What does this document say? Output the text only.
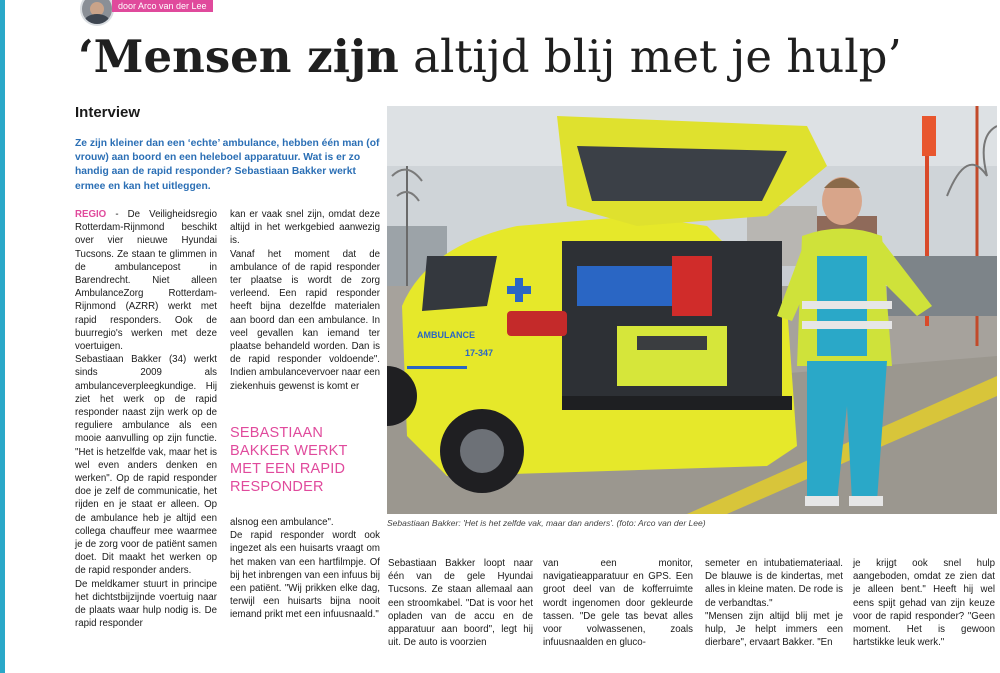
door Arco van der Lee
‘Mensen zijn altijd blij met je hulp’
Interview
Ze zijn kleiner dan een ‘echte’ ambulance, hebben één man (of vrouw) aan boord en een heleboel apparatuur. Wat is er zo handig aan de rapid responder? Sebastiaan Bakker werkt ermee en kan het uitleggen.

REGIO - De Veiligheidsregio Rotterdam-Rijnmond beschikt over vier nieuwe Hyundai Tucsons. Ze staan te glimmen in de ambulancepost in Barendrecht. Niet alleen AmbulanceZorg Rotterdam-Rijnmond (AZRR) werkt met rapid responders. Ook de buurregio's werken met deze voertuigen.

Sebastiaan Bakker (34) werkt sinds 2009 als ambulanceverpleegkundige. Hij ziet het werk op de rapid responder naast zijn werk op de reguliere ambulance als een mooie aanvulling op zijn functie. "Het is hetzelfde vak, maar het is wel even anders denken en werken". Op de rapid responder doe je zelf de communicatie, het rijden en je staat er alleen. Op de ambulance heb je altijd een collega chauffeur mee waarmee je de zorg voor de patiënt samen doet. Dit maakt het werken op de rapid responder anders.

De meldkamer stuurt in principe het dichtstbijzijnde voertuig naar de plaats waar hulp nodig is. De rapid responder

kan er vaak snel zijn, omdat deze altijd in het werkgebied aanwezig is.

Vanaf het moment dat de ambulance of de rapid responder ter plaatse is wordt de zorg verleend. Een rapid responder heeft bijna dezelfde materialen aan boord dan een ambulance. In veel gevallen kan iemand ter plaatse behandeld worden. Dan is de rapid responder voldoende". Indien ambulancevervoer naar een ziekenhuis gewenst is komt er

SEBASTIAAN BAKKER WERKT MET EEN RAPID RESPONDER

alsnog een ambulance".

De rapid responder wordt ook ingezet als een huisarts vraagt om het maken van een hartfilmpje. Of bij het inbrengen van een infuus bij een patiënt. "Wij prikken elke dag, terwijl een huisarts bijna nooit iemand prikt met een infuusnaald."

AMBULANCE
17-347
Sebastiaan Bakker: 'Het is het zelfde vak, maar dan anders'. (foto: Arco van der Lee)

Sebastiaan Bakker loopt naar één van de gele Hyundai Tucsons. Ze staan allemaal aan een stroomkabel. "Dat is voor het opladen van de accu en de apparatuur aan boord", legt hij uit. De auto is voorzien

van een monitor, navigatieapparatuur en GPS. Een groot deel van de kofferruimte wordt ingenomen door gekleurde tassen. "De gele tas bevat alles voor volwassenen, zoals infuusnaalden en gluco-

semeter en intubatiemateriaal. De blauwe is de kindertas, met alles in kleine maten. De rode is de verbandtas."

"Mensen zijn altijd blij met je hulp, Je helpt immers een dierbare", ervaart Bakker. "En

je krijgt ook snel hulp aangeboden, omdat ze zien dat je alleen bent." Heeft hij wel eens spijt gehad van zijn keuze voor de rapid responder? "Geen moment. Het is gewoon hartstikke leuk werk."
